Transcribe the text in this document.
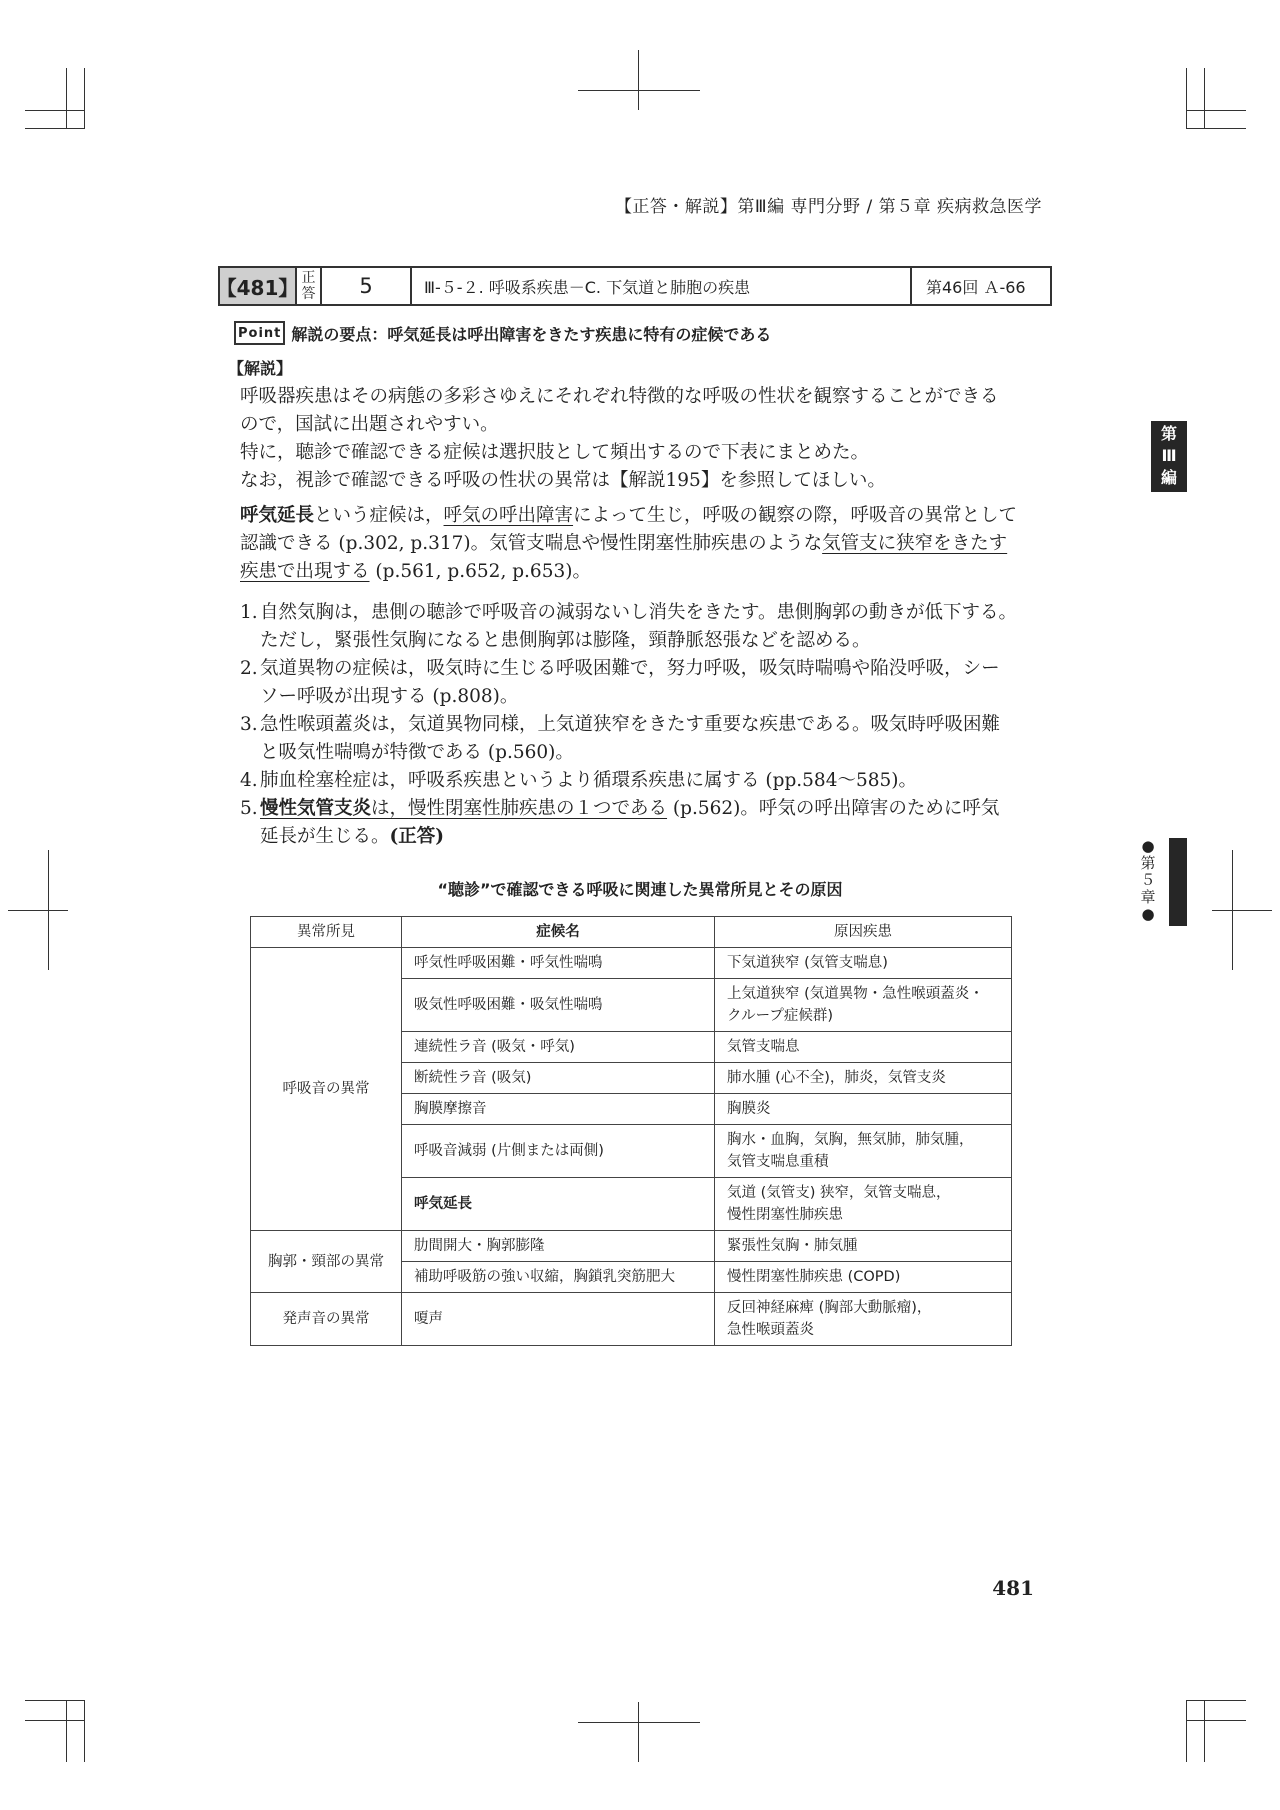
【正答・解説】第Ⅲ編 専門分野 / 第５章 疾病救急医学
【481】 正
答	5	Ⅲ-５-２. 呼吸系疾患－C. 下気道と肺胞の疾患	第46回 Ａ-66
Point 解説の要点：呼気延長は呼出障害をきたす疾患に特有の症候である
【解説】
呼吸器疾患はその病態の多彩さゆえにそれぞれ特徴的な呼吸の性状を観察することができる
ので，国試に出題されやすい。
特に，聴診で確認できる症候は選択肢として頻出するので下表にまとめた。
なお，視診で確認できる呼吸の性状の異常は【解説195】を参照してほしい。
呼気延長という症候は，呼気の呼出障害によって生じ，呼吸の観察の際，呼吸音の異常として
認識できる (p.302, p.317)。気管支喘息や慢性閉塞性肺疾患のような気管支に狭窄をきたす
疾患で出現する (p.561, p.652, p.653)。
1. 自然気胸は，患側の聴診で呼吸音の減弱ないし消失をきたす。患側胸郭の動きが低下する。
ただし，緊張性気胸になると患側胸郭は膨隆，頸静脈怒張などを認める。
2. 気道異物の症候は，吸気時に生じる呼吸困難で，努力呼吸，吸気時喘鳴や陥没呼吸，シー
ソー呼吸が出現する (p.808)。
3. 急性喉頭蓋炎は，気道異物同様，上気道狭窄をきたす重要な疾患である。吸気時呼吸困難
と吸気性喘鳴が特徴である (p.560)。
4. 肺血栓塞栓症は，呼吸系疾患というより循環系疾患に属する (pp.584〜585)。
5. 慢性気管支炎は，慢性閉塞性肺疾患の１つである (p.562)。呼気の呼出障害のために呼気
延長が生じる。(正答)
第
Ⅲ
編
●
第
５
章
●
“聴診”で確認できる呼吸に関連した異常所見とその原因
異常所見	症候名	原因疾患
呼吸音の異常	呼気性呼吸困難・呼気性喘鳴	下気道狭窄 (気管支喘息)
	吸気性呼吸困難・吸気性喘鳴	上気道狭窄 (気道異物・急性喉頭蓋炎・
クループ症候群)
	連続性ラ音 (吸気・呼気)	気管支喘息
	断続性ラ音 (吸気)	肺水腫 (心不全)，肺炎，気管支炎
	胸膜摩擦音	胸膜炎
	呼吸音減弱 (片側または両側)	胸水・血胸，気胸，無気肺，肺気腫，
気管支喘息重積
	呼気延長	気道 (気管支) 狭窄，気管支喘息，
慢性閉塞性肺疾患
胸郭・頸部の異常	肋間開大・胸郭膨隆	緊張性気胸・肺気腫
	補助呼吸筋の強い収縮，胸鎖乳突筋肥大	慢性閉塞性肺疾患 (COPD)
発声音の異常	嗄声	反回神経麻痺 (胸部大動脈瘤)，
急性喉頭蓋炎
481
